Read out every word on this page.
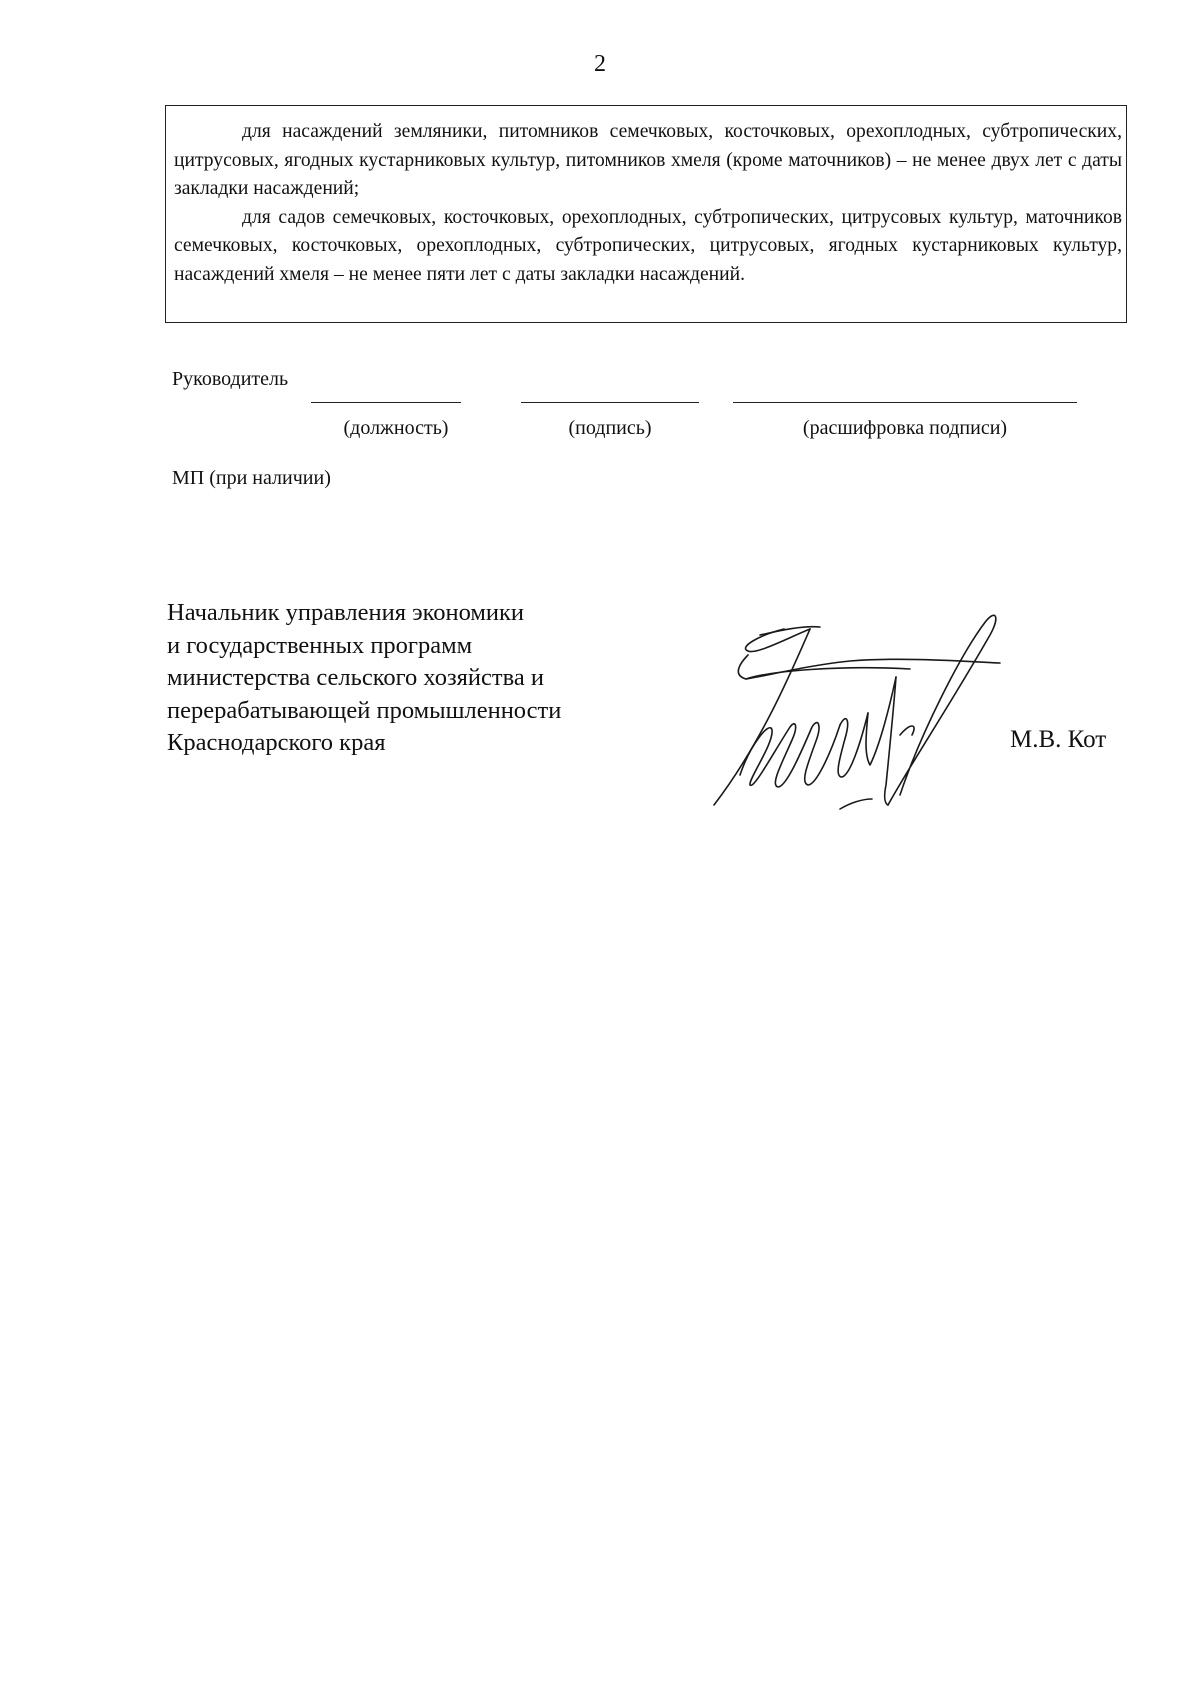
2

для насаждений земляники, питомников семечковых, косточковых, орехоплодных, субтропических, цитрусовых, ягодных кустарниковых культур, питомников хмеля (кроме маточников) – не менее двух лет с даты закладки насаждений;

для садов семечковых, косточковых, орехоплодных, субтропических, цитрусовых культур, маточников семечковых, косточковых, орехоплодных, субтропических, цитрусовых, ягодных кустарниковых культур, насаждений хмеля – не менее пяти лет с даты закладки насаждений.

Руководитель
(должность)	(подпись)	(расшифровка подписи)
МП (при наличии)
Начальник управления экономики
и государственных программ
министерства сельского хозяйства и
перерабатывающей промышленности
Краснодарского края	М.В. Кот
